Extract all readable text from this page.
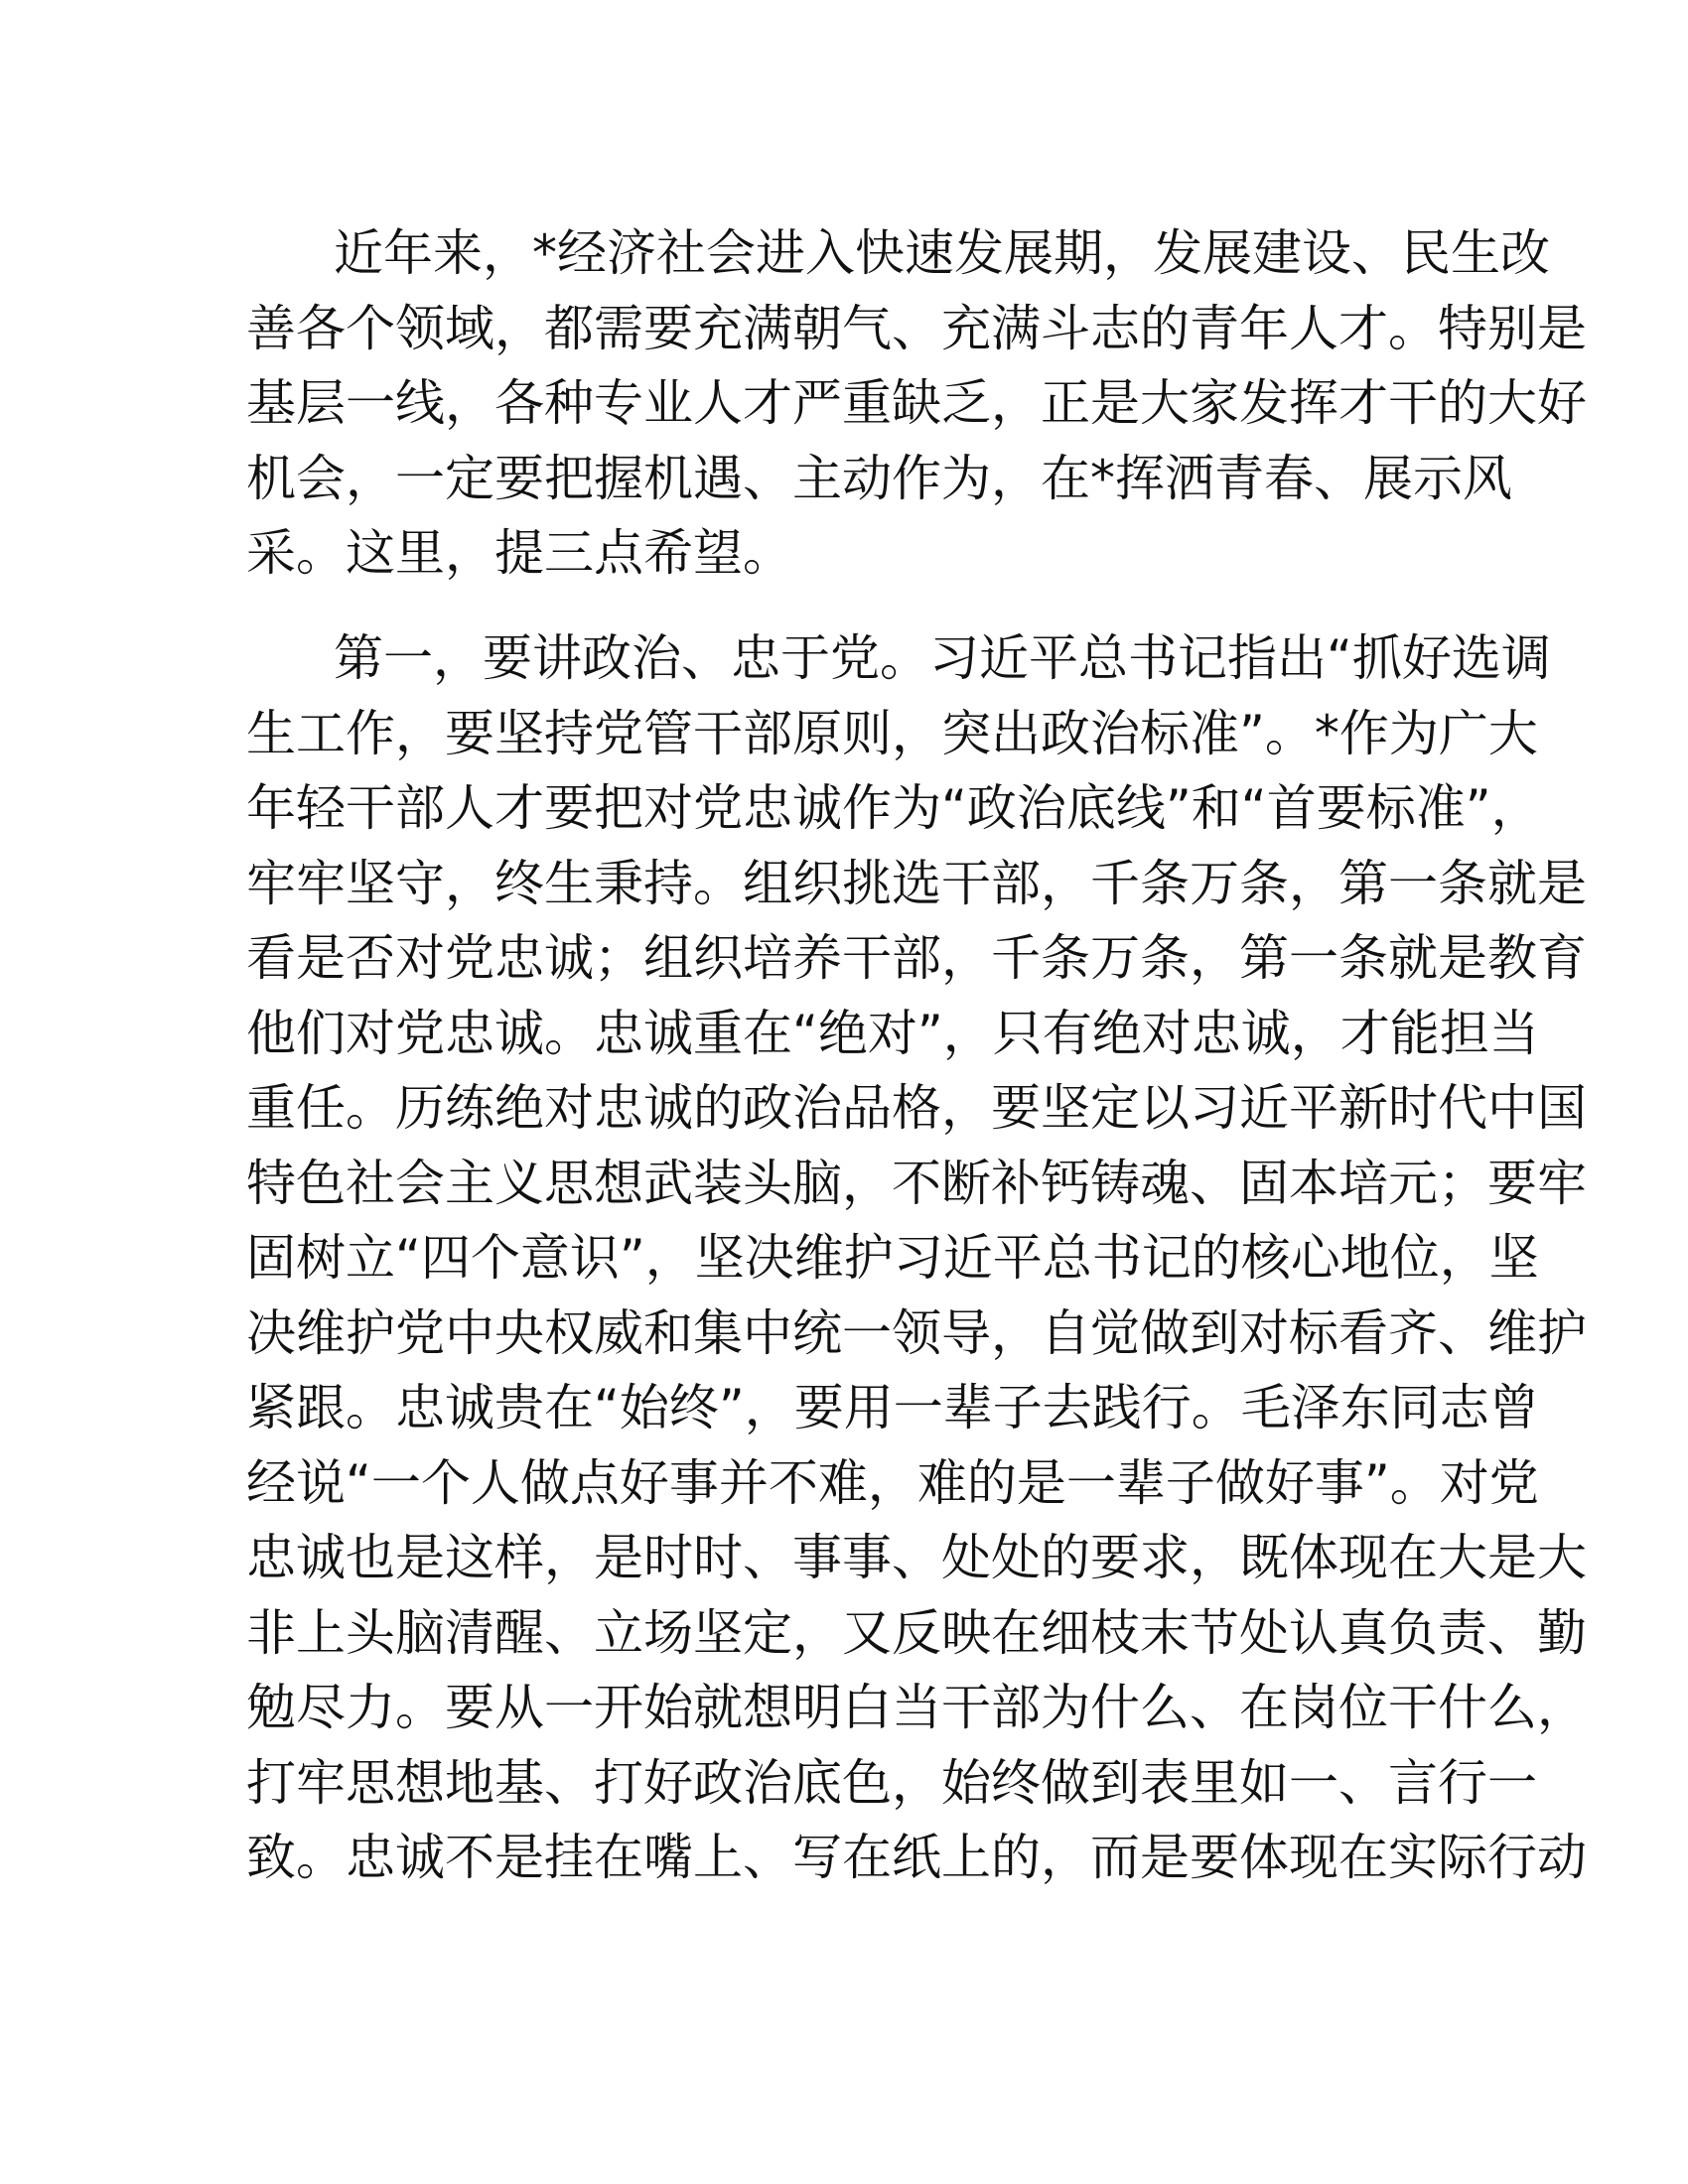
近年来，*经济社会进入快速发展期，发展建设、民生改
善各个领域，都需要充满朝气、充满斗志的青年人才。特别是
基层一线，各种专业人才严重缺乏，正是大家发挥才干的大好
机会，一定要把握机遇、主动作为，在*挥洒青春、展示风
采。这里，提三点希望。
第一，要讲政治、忠于党。习近平总书记指出“抓好选调
生工作，要坚持党管干部原则，突出政治标准”。*作为广大
年轻干部人才要把对党忠诚作为“政治底线”和“首要标准”，
牢牢坚守，终生秉持。组织挑选干部，千条万条，第一条就是
看是否对党忠诚；组织培养干部，千条万条，第一条就是教育
他们对党忠诚。忠诚重在“绝对”，只有绝对忠诚，才能担当
重任。历练绝对忠诚的政治品格，要坚定以习近平新时代中国
特色社会主义思想武装头脑，不断补钙铸魂、固本培元；要牢
固树立“四个意识”，坚决维护习近平总书记的核心地位，坚
决维护党中央权威和集中统一领导，自觉做到对标看齐、维护
紧跟。忠诚贵在“始终”，要用一辈子去践行。毛泽东同志曾
经说“一个人做点好事并不难，难的是一辈子做好事”。对党
忠诚也是这样，是时时、事事、处处的要求，既体现在大是大
非上头脑清醒、立场坚定，又反映在细枝末节处认真负责、勤
勉尽力。要从一开始就想明白当干部为什么、在岗位干什么，
打牢思想地基、打好政治底色，始终做到表里如一、言行一
致。忠诚不是挂在嘴上、写在纸上的，而是要体现在实际行动
